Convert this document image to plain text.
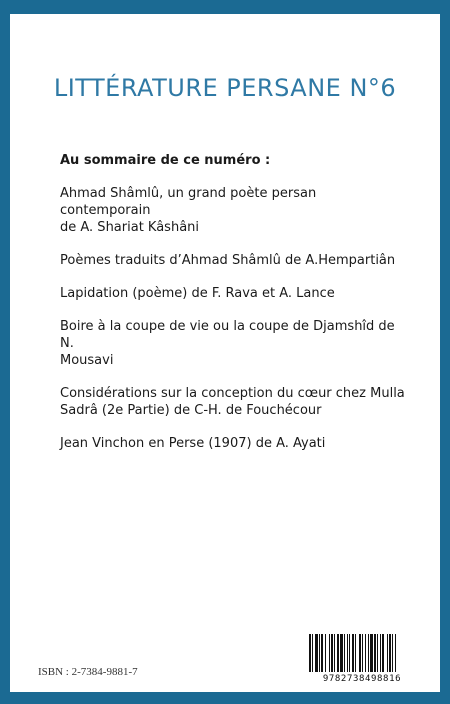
LITTÉRATURE PERSANE N°6
Au sommaire de ce numéro :
Ahmad Shâmlû, un grand poète persan contemporain
de A. Shariat Kâshâni
Poèmes traduits d’Ahmad Shâmlû de A.Hempartiân
Lapidation (poème) de F. Rava et A. Lance
Boire à la coupe de vie ou la coupe de Djamshîd de N.
Mousavi
Considérations sur la conception du cœur chez Mulla
Sadrâ (2e Partie) de C-H. de Fouchécour
Jean Vinchon en Perse (1907) de A. Ayati
ISBN : 2-7384-9881-7
9782738498816
